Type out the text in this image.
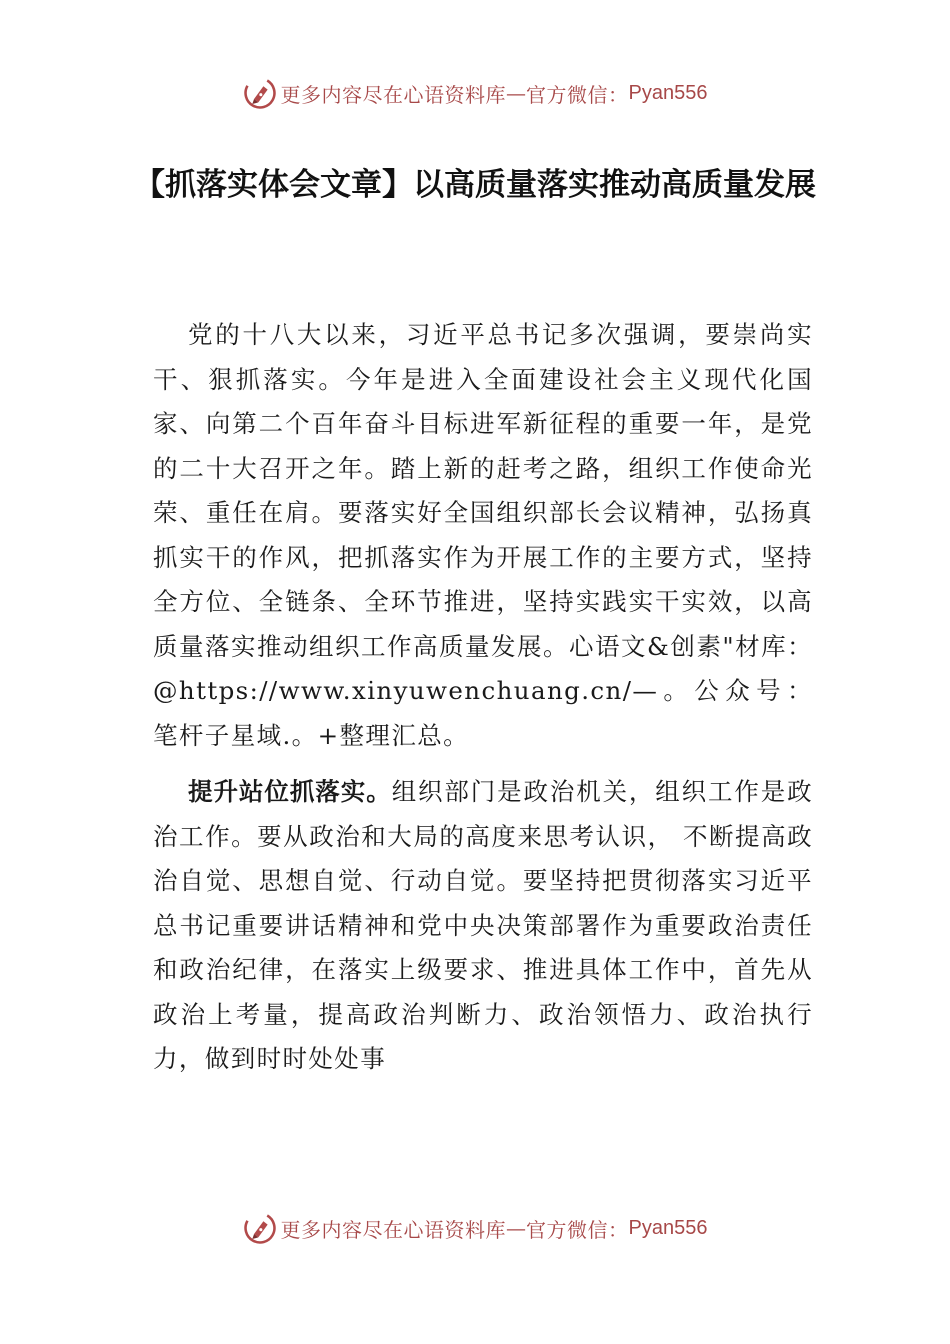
更多内容尽在心语资料库 — 官方微信： Pyan556
【抓落实体会文章】以高质量落实推动高质量发展

党的十八大以来，习近平总书记多次强调，要崇尚实干、狠抓落实。今年是进入全面建设社会主义现代化国家、向第二个百年奋斗目标进军新征程的重要一年，是党的二十大召开之年。踏上新的赶考之路，组织工作使命光荣、重任在肩。要落实好全国组织部长会议精神，弘扬真抓实干的作风，把抓落实作为开展工作的主要方式，坚持全方位、全链条、全环节推进，坚持实践实干实效，以高质量落实推动组织工作高质量发展。心语文&创素"材库：@https://www.xinyuwenchuang.cn/—。公众号：笔杆子星域.。+整理汇总。

提升站位抓落实。组织部门是政治机关，组织工作是政治工作。要从政治和大局的高度来思考认识， 不断提高政治自觉、思想自觉、行动自觉。要坚持把贯彻落实习近平总书记重要讲话精神和党中央决策部署作为重要政治责任和政治纪律，在落实上级要求、推进具体工作中，首先从政治上考量，提高政治判断力、政治领悟力、政治执行力，做到时时处处事

更多内容尽在心语资料库 — 官方微信： Pyan556
